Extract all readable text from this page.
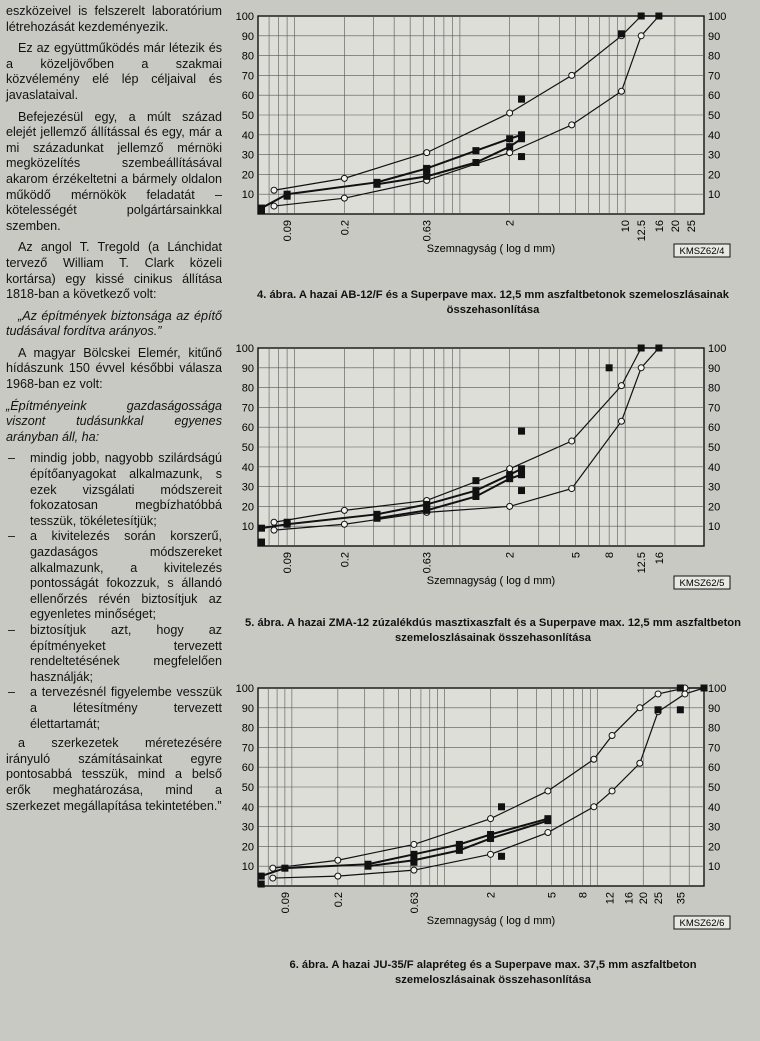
eszközeivel is felszerelt laboratórium létrehozását kezdeményezik.

Ez az együttműködés már létezik és a közeljövőben a szakmai közvélemény elé lép céljaival és javaslataival.

Befejezésül egy, a múlt század elejét jellemző állítással és egy, már a mi századunkat jellemző mérnöki megközelítés szembeállításával akarom érzékeltetni a bármely oldalon működő mérnökök feladatát – kötelességét polgártársainkkal szemben.

Az angol T. Tregold (a Lánchidat tervező William T. Clark közeli kortársa) egy kissé cinikus állítása 1818-ban a következő volt:

„Az építmények biztonsága az építő tudásával fordítva arányos.”

A magyar Bölcskei Elemér, kitűnő hídászunk 150 évvel későbbi válasza 1968-ban ez volt:

„Építményeink gazdaságossága viszont tudásunkkal egyenes arányban áll, ha:

– mindig jobb, nagyobb szilárdságú építőanyagokat alkalmazunk, s ezek vizsgálati módszereit fokozatosan megbízhatóbbá tesszük, tökéletesítjük;
– a kivitelezés során korszerű, gazdaságos módszereket alkalmazunk, a kivitelezés pontosságát fokozzuk, s állandó ellenőrzés révén biztosítjuk az egyenletes minőséget;
– biztosítjuk azt, hogy az építményeket tervezett rendeltetésének megfelelően használják;
– a tervezésnél figyelembe vesszük a létesítmény tervezett élettartamát;

a szerkezetek méretezésére irányuló számításainkat egyre pontosabbá tesszük, mind a belső erők meghatározása, mind a szerkezet megállapítása tekintetében.”

10	10
20	20
30	30
40	40
50	50
60	60
70	70
80	80
90	90
100	100
0.09	0.2	0.63	2	10 12.5 16 20 25
Szemnagyság ( log d mm)	KMSZ62/4
4. ábra. A hazai AB-12/F és a Superpave max. 12,5 mm aszfaltbetonok szemeloszlásainak összehasonlítása
10	10
20	20
30	30
40	40
50	50
60	60
70	70
80	80
90	90
100	100
0.09	0.2	0.63	2	5 8 12.5 16
Szemnagyság ( log d mm)	KMSZ62/5
5. ábra. A hazai ZMA-12 zúzalékdús masztixaszfalt és a Superpave max. 12,5 mm aszfaltbeton szemeloszlásainak összehasonlítása
10	10
20	20
30	30
40	40
50	50
60	60
70	70
80	80
90	90
100	100
0.09	0.2	0.63	2	5 8 12 16 20 25 35
Szemnagyság ( log d mm)	KMSZ62/6
6. ábra. A hazai JU-35/F alapréteg és a Superpave max. 37,5 mm aszfaltbeton szemeloszlásainak összehasonlítása
